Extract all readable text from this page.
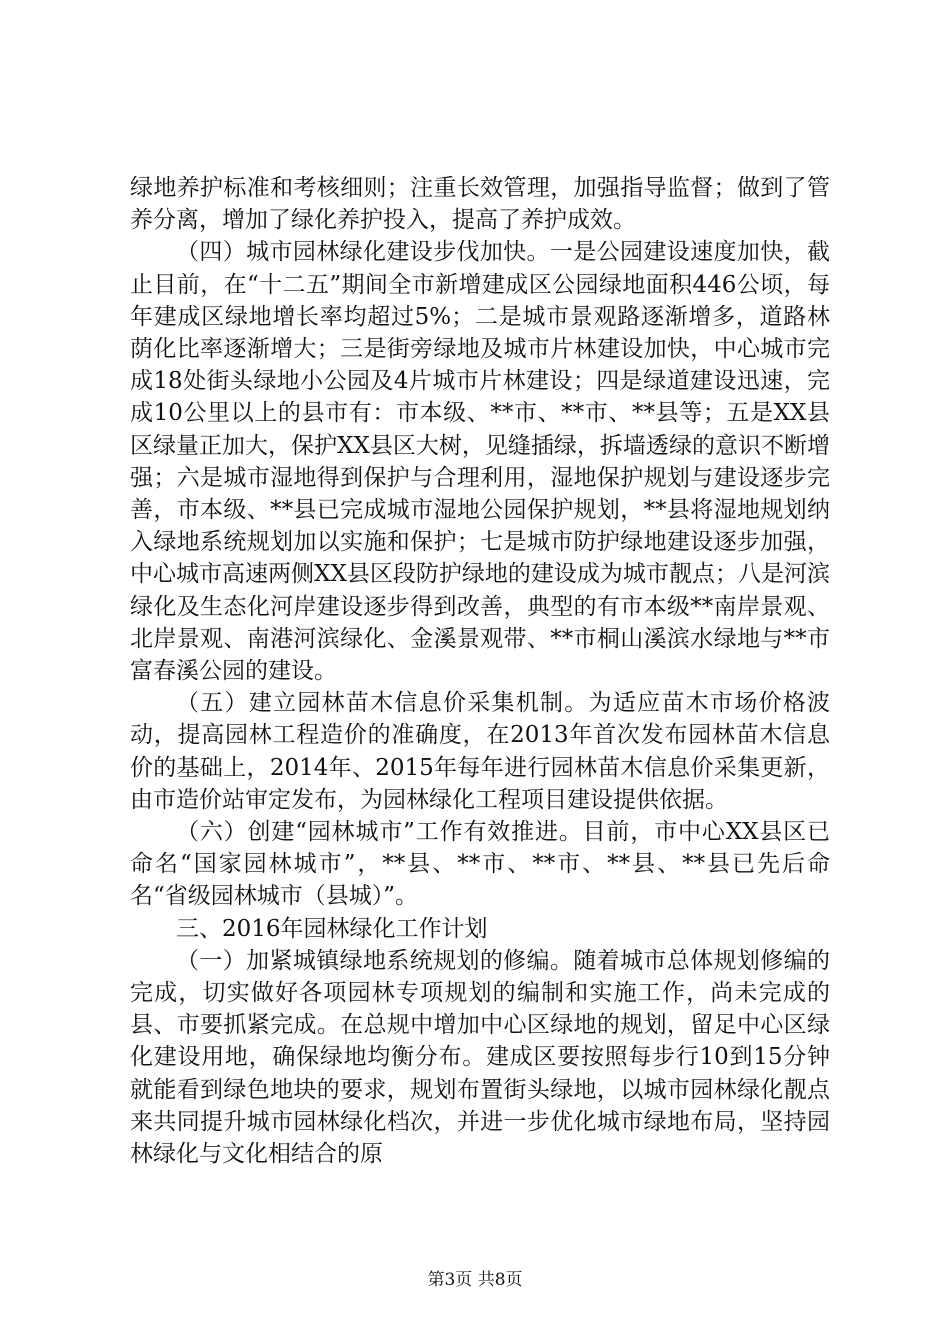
绿地养护标准和考核细则；注重长效管理，加强指导监督；做到了管养分离，增加了绿化养护投入，提高了养护成效。

（四）城市园林绿化建设步伐加快。一是公园建设速度加快，截止目前，在“十二五”期间全市新增建成区公园绿地面积446公顷，每年建成区绿地增长率均超过5%；二是城市景观路逐渐增多，道路林荫化比率逐渐增大；三是街旁绿地及城市片林建设加快，中心城市完成18处街头绿地小公园及4片城市片林建设；四是绿道建设迅速，完成10公里以上的县市有：市本级、**市、**市、**县等；五是XX县区绿量正加大，保护XX县区大树，见缝插绿，拆墙透绿的意识不断增强；六是城市湿地得到保护与合理利用，湿地保护规划与建设逐步完善，市本级、**县已完成城市湿地公园保护规划，**县将湿地规划纳入绿地系统规划加以实施和保护；七是城市防护绿地建设逐步加强，中心城市高速两侧XX县区段防护绿地的建设成为城市靓点；八是河滨绿化及生态化河岸建设逐步得到改善，典型的有市本级**南岸景观、北岸景观、南港河滨绿化、金溪景观带、**市桐山溪滨水绿地与**市富春溪公园的建设。

（五）建立园林苗木信息价采集机制。为适应苗木市场价格波动，提高园林工程造价的准确度，在2013年首次发布园林苗木信息价的基础上，2014年、2015年每年进行园林苗木信息价采集更新，由市造价站审定发布，为园林绿化工程项目建设提供依据。

（六）创建“园林城市”工作有效推进。目前，市中心XX县区已命名“国家园林城市”，**县、**市、**市、**县、**县已先后命名“省级园林城市（县城）”。

三、2016年园林绿化工作计划

（一）加紧城镇绿地系统规划的修编。随着城市总体规划修编的完成，切实做好各项园林专项规划的编制和实施工作，尚未完成的县、市要抓紧完成。在总规中增加中心区绿地的规划，留足中心区绿化建设用地，确保绿地均衡分布。建成区要按照每步行10到15分钟就能看到绿色地块的要求，规划布置街头绿地，以城市园林绿化靓点来共同提升城市园林绿化档次，并进一步优化城市绿地布局，坚持园林绿化与文化相结合的原

第3页 共8页
